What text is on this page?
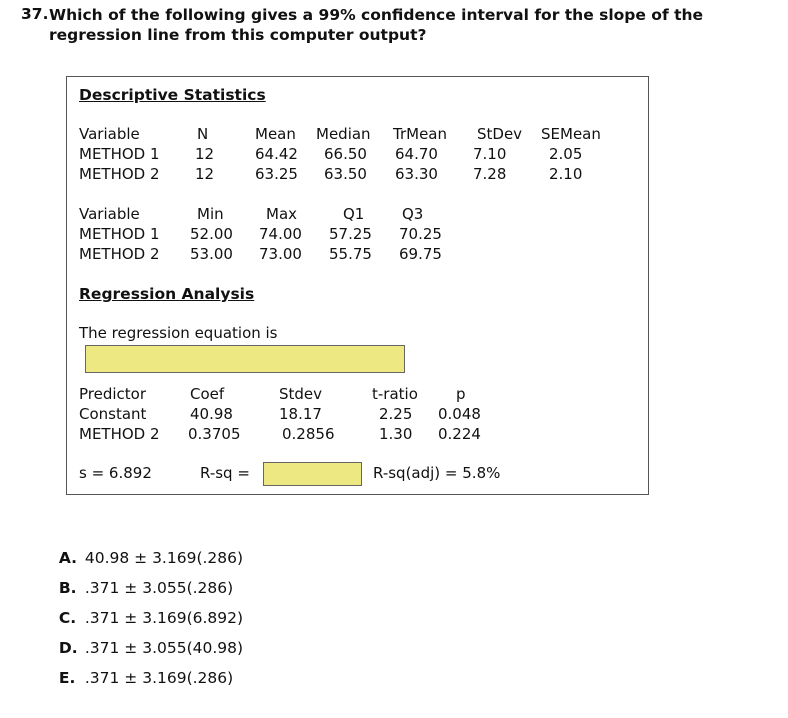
37. Which of the following gives a 99% confidence interval for the slope of the regression line from this computer output?
Descriptive Statistics
Variable	N	Mean Median TrMean StDev SEMean
METHOD 1 12	64.42 66.50 64.70 7.10	2.05
METHOD 2 12	63.25 63.50 63.30 7.28	2.10
Variable	Min	Max	Q1	Q3
METHOD 1 52.00 74.00 57.25 70.25
METHOD 2 53.00 73.00 55.75 69.75
Regression Analysis
The regression equation is
Predictor	Coef	Stdev	t-ratio	p
Constant	40.98	18.17	2.25 0.048
METHOD 2 0.3705	0.2856	1.30 0.224
s = 6.892	R-sq =	R-sq(adj) = 5.8%

A. 40.98 ± 3.169(.286)

B. .371 ± 3.055(.286)

C. .371 ± 3.169(6.892)

D. .371 ± 3.055(40.98)

E. .371 ± 3.169(.286)
